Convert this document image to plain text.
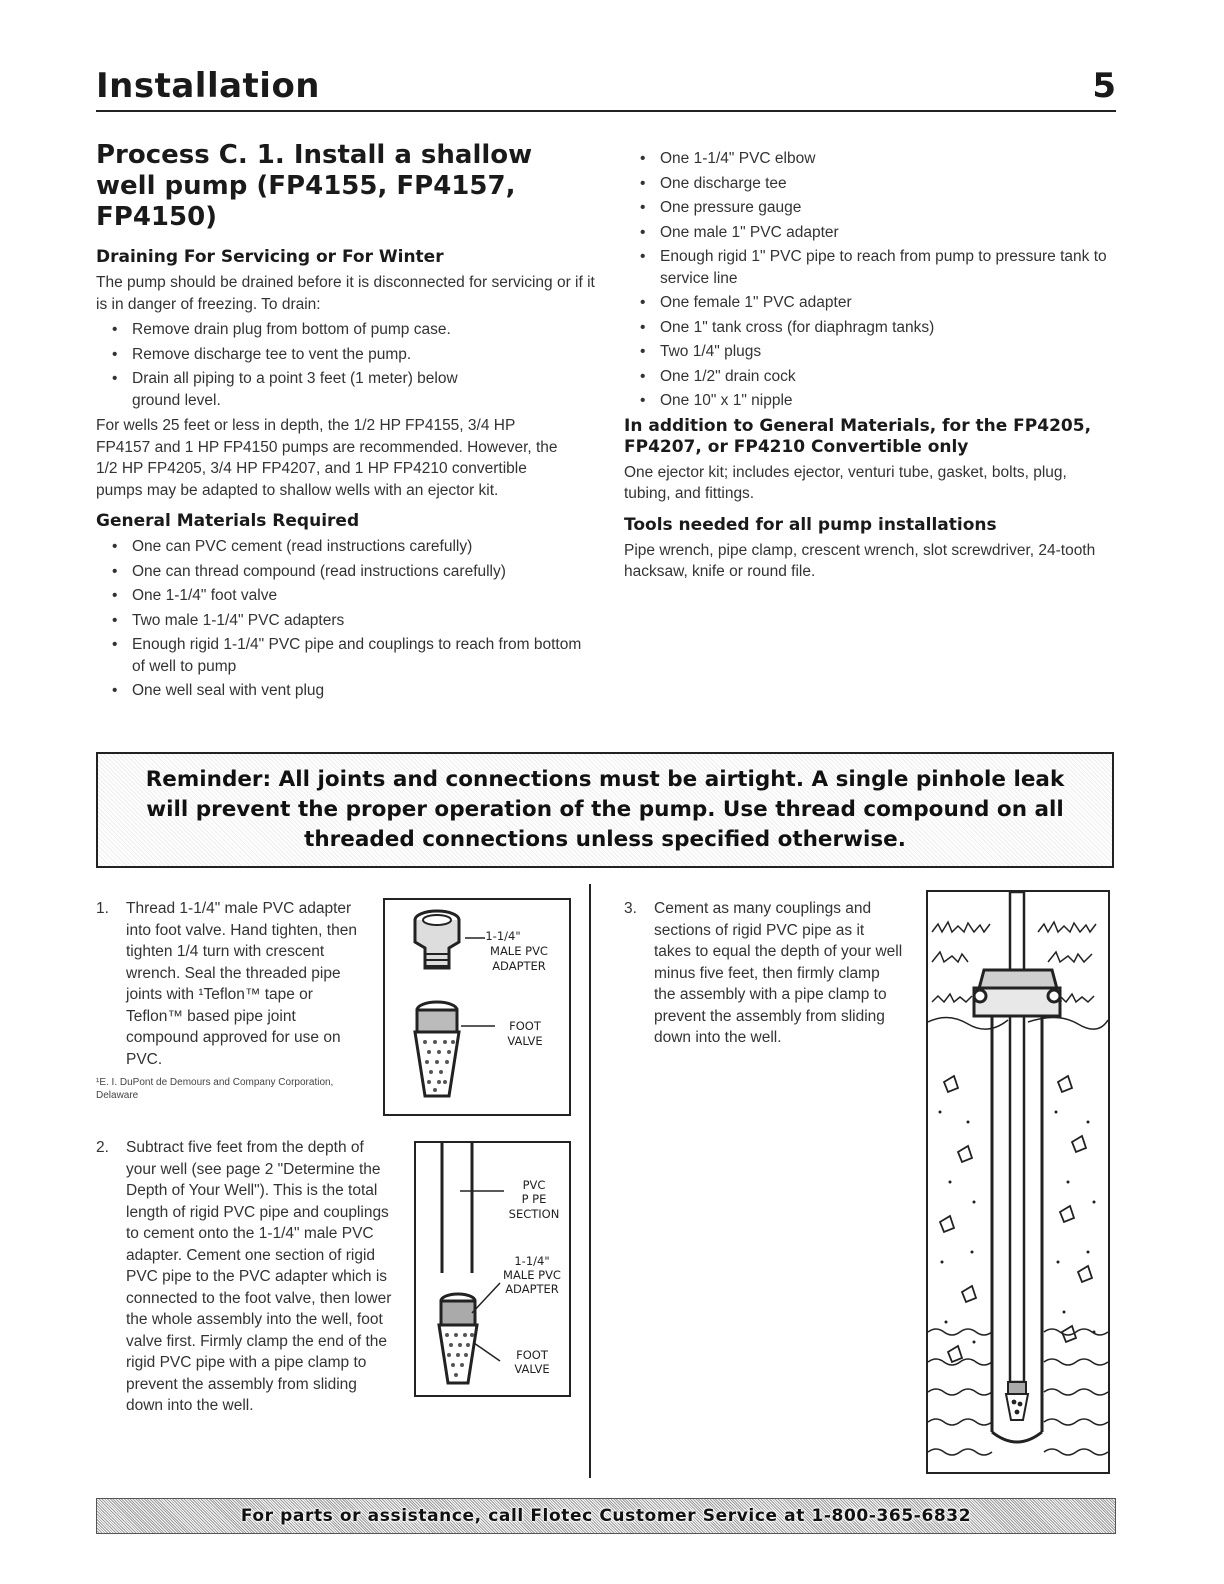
Installation	5
Process C. 1. Install a shallow well pump (FP4155, FP4157, FP4150)
Draining For Servicing or For Winter

The pump should be drained before it is disconnected for servicing or if it is in danger of freezing. To drain:

• Remove drain plug from bottom of pump case.
• Remove discharge tee to vent the pump.
• Drain all piping to a point 3 feet (1 meter) below ground level.

For wells 25 feet or less in depth, the 1/2 HP FP4155, 3/4 HP FP4157 and 1 HP FP4150 pumps are recommended. However, the 1/2 HP FP4205, 3/4 HP FP4207, and 1 HP FP4210 convertible pumps may be adapted to shallow wells with an ejector kit.

General Materials Required
• One can PVC cement (read instructions carefully)
• One can thread compound (read instructions carefully)
• One 1-1/4" foot valve
• Two male 1-1/4" PVC adapters
• Enough rigid 1-1/4" PVC pipe and couplings to reach from bottom of well to pump
• One well seal with vent plug
• One 1-1/4" PVC elbow
• One discharge tee
• One pressure gauge
• One male 1" PVC adapter
• Enough rigid 1" PVC pipe to reach from pump to pressure tank to service line
• One female 1" PVC adapter
• One 1" tank cross (for diaphragm tanks)
• Two 1/4" plugs
• One 1/2" drain cock
• One 10" x 1" nipple
In addition to General Materials, for the FP4205, FP4207, or FP4210 Convertible only

One ejector kit; includes ejector, venturi tube, gasket, bolts, plug, tubing, and fittings.

Tools needed for all pump installations

Pipe wrench, pipe clamp, crescent wrench, slot screwdriver, 24-tooth hacksaw, knife or round file.

Reminder: All joints and connections must be airtight. A single pinhole leak will prevent the proper operation of the pump. Use thread compound on all threaded connections unless specified otherwise.
1. Thread 1-1/4" male PVC adapter into foot valve. Hand tighten, then tighten 1/4 turn with crescent wrench. Seal the threaded pipe joints with ¹Teflon™ tape or Teflon™ based pipe joint compound approved for use on PVC.
¹E. I. DuPont de Demours and Company Corporation, Delaware
1-1/4"
MALE PVC
ADAPTER
FOOT
VALVE
2. Subtract five feet from the depth of your well (see page 2 "Determine the Depth of Your Well"). This is the total length of rigid PVC pipe and couplings to cement onto the 1-1/4" male PVC adapter. Cement one section of rigid PVC pipe to the PVC adapter which is connected to the foot valve, then lower the whole assembly into the well, foot valve first. Firmly clamp the end of the rigid PVC pipe with a pipe clamp to prevent the assembly from sliding down into the well.
PVC
P PE
SECTION
1-1/4"
MALE PVC
ADAPTER
FOOT
VALVE
3. Cement as many couplings and sections of rigid PVC pipe as it takes to equal the depth of your well minus five feet, then firmly clamp the assembly with a pipe clamp to prevent the assembly from sliding down into the well.
For parts or assistance, call Flotec Customer Service at 1-800-365-6832
